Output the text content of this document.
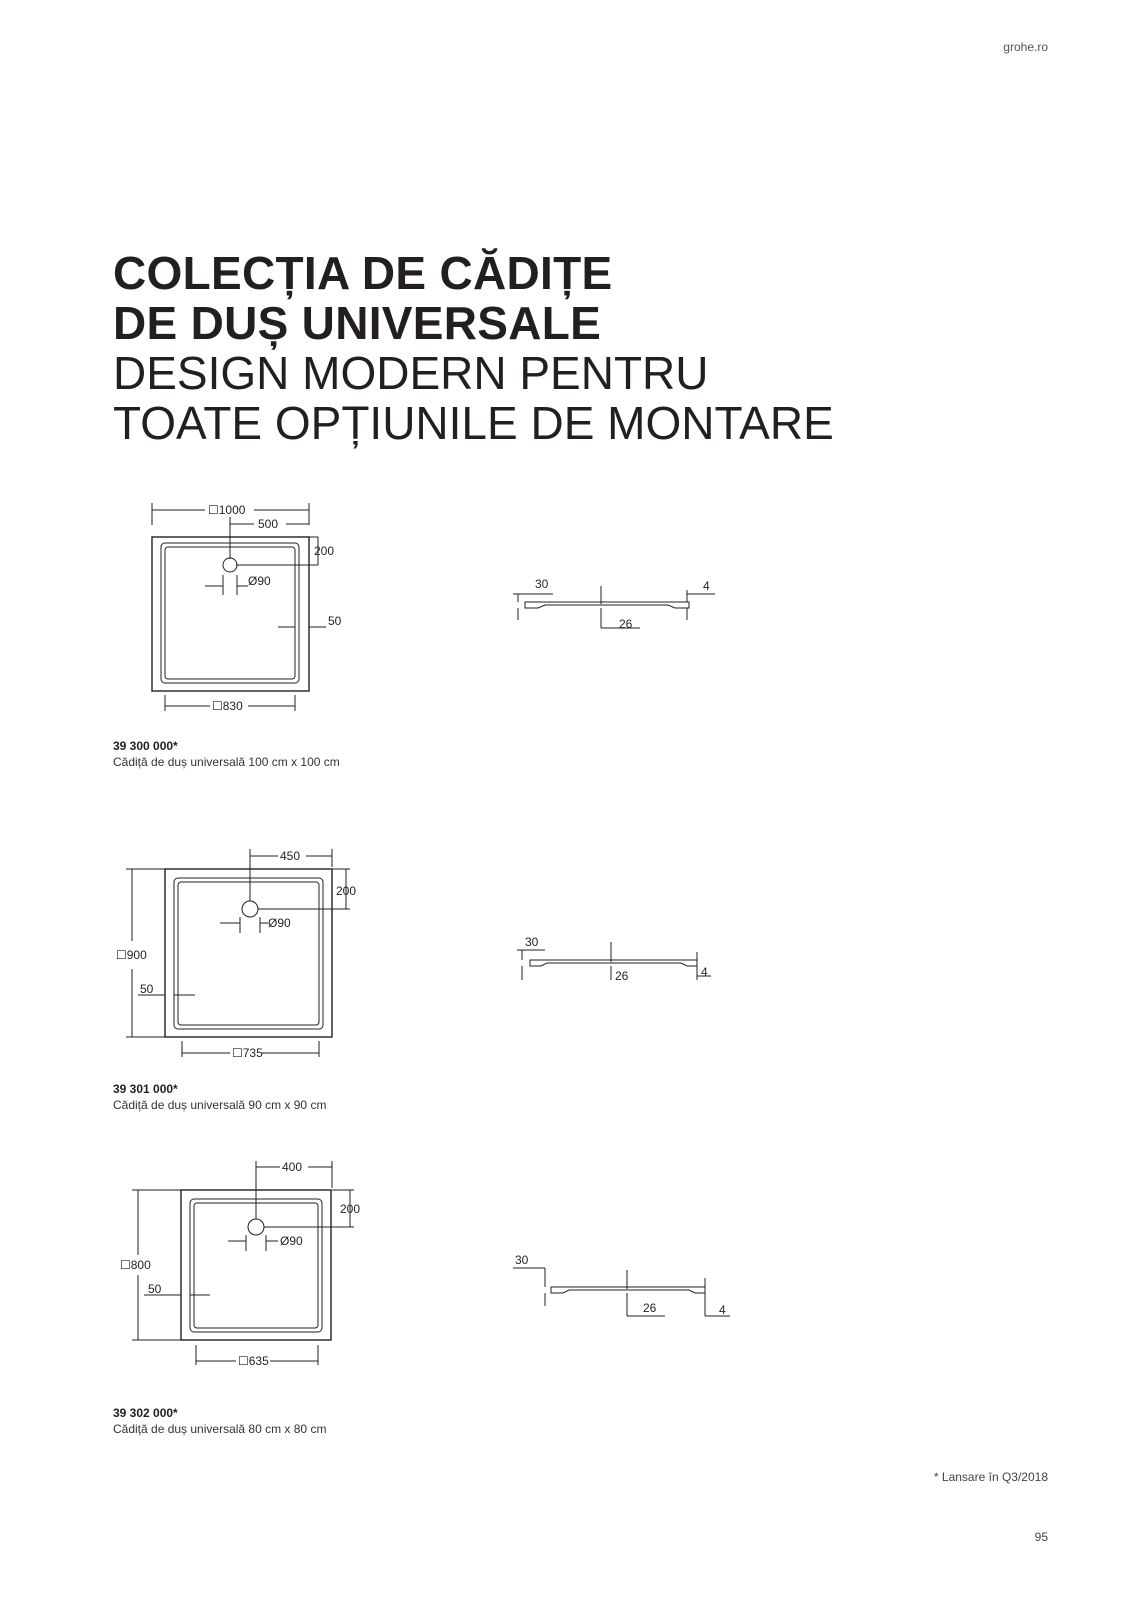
grohe.ro
COLECȚIA DE CĂDIȚE
DE DUȘ UNIVERSALE
DESIGN MODERN PENTRU
TOATE OPȚIUNILE DE MONTARE
☐1000
500
200
Ø90
50
☐830
30	4
26
39 300 000*
Cădiță de duș universală 100 cm x 100 cm
450
200
Ø90
☐900
50
☐735
30
4
26
39 301 000*
Cădiță de duș universală 90 cm x 90 cm
400
200
Ø90
☐800
50
☐635
30
26	4
39 302 000*
Cădiță de duș universală 80 cm x 80 cm
* Lansare în Q3/2018
95
